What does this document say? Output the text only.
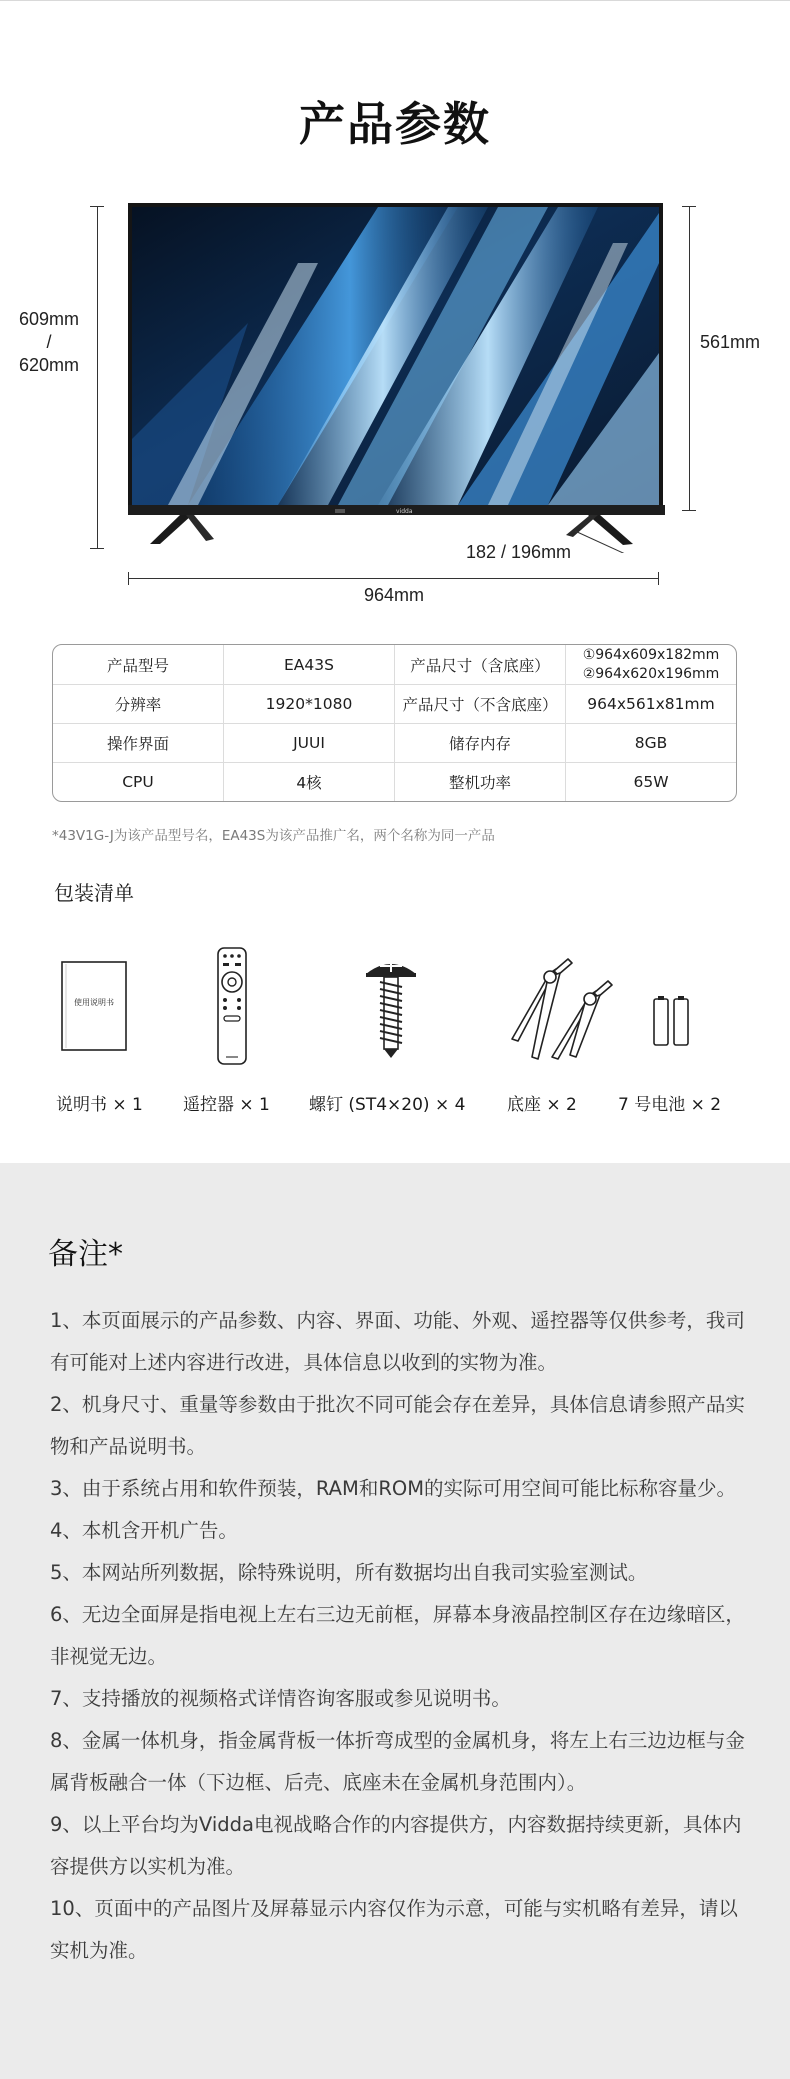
产品参数
609mm
/
620mm
561mm
182 / 196mm
964mm
vidda
产品型号	EA43S	产品尺寸（含底座）
①964x609x182mm
②964x620x196mm
分辨率	1920*1080	产品尺寸（不含底座）	964x561x81mm
操作界面	JUUI	储存内存	8GB
CPU	4核	整机功率	65W
*43V1G-J为该产品型号名，EA43S为该产品推广名，两个名称为同一产品
包装清单
使用说明书
说明书 × 1 遥控器 × 1 螺钉 (ST4×20) × 4 底座 × 2 7 号电池 × 2
备注*

1、本页面展示的产品参数、内容、界面、功能、外观、遥控器等仅供参考，我司有可能对上述内容进行改进，具体信息以收到的实物为准。

2、机身尺寸、重量等参数由于批次不同可能会存在差异，具体信息请参照产品实物和产品说明书。

3、由于系统占用和软件预装，RAM和ROM的实际可用空间可能比标称容量少。

4、本机含开机广告。

5、本网站所列数据，除特殊说明，所有数据均出自我司实验室测试。

6、无边全面屏是指电视上左右三边无前框，屏幕本身液晶控制区存在边缘暗区，非视觉无边。

7、支持播放的视频格式详情咨询客服或参见说明书。

8、金属一体机身，指金属背板一体折弯成型的金属机身，将左上右三边边框与金属背板融合一体（下边框、后壳、底座未在金属机身范围内）。

9、以上平台均为Vidda电视战略合作的内容提供方，内容数据持续更新，具体内容提供方以实机为准。

10、页面中的产品图片及屏幕显示内容仅作为示意，可能与实机略有差异，请以实机为准。
